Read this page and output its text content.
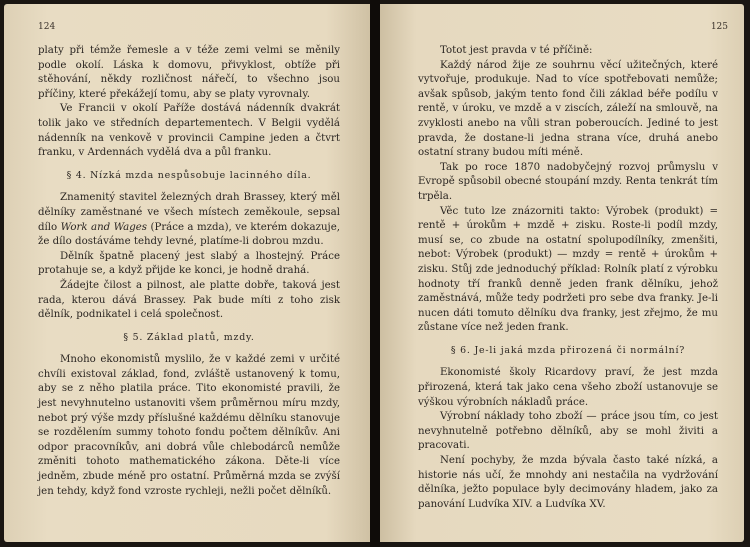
124

platy při témže řemesle a v téže zemi velmi se měnily podle okolí. Láska k domovu, přivyklost, obtíže při stěhování, někdy rozličnost nářečí, to všechno jsou příčiny, které překážejí tomu, aby se platy vyrovnaly.

Ve Francii v okolí Paříže dostává nádenník dvakrát tolik jako ve středních departementech. V Belgii vydělá nádenník na venkově v provincii Campine jeden a čtvrt franku, v Ardennách vydělá dva a půl franku.

§ 4. Nízká mzda nespůsobuje lacinného díla.

Znamenitý stavitel železných drah Brassey, který měl dělníky zaměstnané ve všech místech zeměkoule, sepsal dílo Work and Wages (Práce a mzda), ve kterém dokazuje, že dílo dostáváme tehdy levné, platíme-li dobrou mzdu.

Dělník špatně placený jest slabý a lhostejný. Práce protahuje se, a když přijde ke konci, je hodně drahá.

Žádejte čilost a pilnost, ale platte dobře, taková jest rada, kterou dává Brassey. Pak bude míti z toho zisk dělník, podnikatel i celá společnost.

§ 5. Základ platů, mzdy.

Mnoho ekonomistů myslilo, že v každé zemi v určité chvíli existoval základ, fond, zvláště ustanovený k tomu, aby se z něho platila práce. Tito ekonomisté pravili, že jest nevyhnutelno ustanoviti všem průměrnou míru mzdy, nebot prý výše mzdy příslušné každému dělníku stanovuje se rozdělením summy tohoto fondu počtem dělníkův. Ani odpor pracovníkův, ani dobrá vůle chlebodárců nemůže změniti tohoto mathematického zákona. Děte-li více jedněm, zbude méně pro ostatní. Průměrná mzda se zvýší jen tehdy, když fond vzroste rychleji, nežli počet dělníků.

125

Totot jest pravda v té příčině:

Každý národ žije ze souhrnu věcí užitečných, které vytvořuje, produkuje. Nad to více spotřebovati nemůže; avšak spůsob, jakým tento fond čili základ béře podílu v rentě, v úroku, ve mzdě a v ziscích, záleží na smlouvě, na zvyklosti anebo na vůli stran poberoucích. Jediné to jest pravda, že dostane-li jedna strana více, druhá anebo ostatní strany budou míti méně.

Tak po roce 1870 nadobyčejný rozvoj průmyslu v Evropě spůsobil obecné stoupání mzdy. Renta tenkrát tím trpěla.

Věc tuto lze znázorniti takto: Výrobek (produkt) = rentě + úrokům + mzdě + zisku. Roste-li podíl mzdy, musí se, co zbude na ostatní spolupodílníky, zmenšiti, nebot: Výrobek (produkt) — mzdy = rentě + úrokům + zisku. Stůj zde jednoduchý příklad: Rolník platí z výrobku hodnoty tří franků denně jeden frank dělníku, jehož zaměstnává, může tedy podržeti pro sebe dva franky. Je-li nucen dáti tomuto dělníku dva franky, jest zřejmo, že mu zůstane více než jeden frank.

§ 6. Je-li jaká mzda přirozená či normální?

Ekonomisté školy Ricardovy praví, že jest mzda přirozená, která tak jako cena všeho zboží ustanovuje se výškou výrobních nákladů práce.

Výrobní náklady toho zboží — práce jsou tím, co jest nevyhnutelně potřebno dělníků, aby se mohl živiti a pracovati.

Není pochyby, že mzda bývala často také nízká, a historie nás učí, že mnohdy ani nestačila na vydržování dělníka, ježto populace byly decimovány hladem, jako za panování Ludvíka XIV. a Ludvíka XV.
